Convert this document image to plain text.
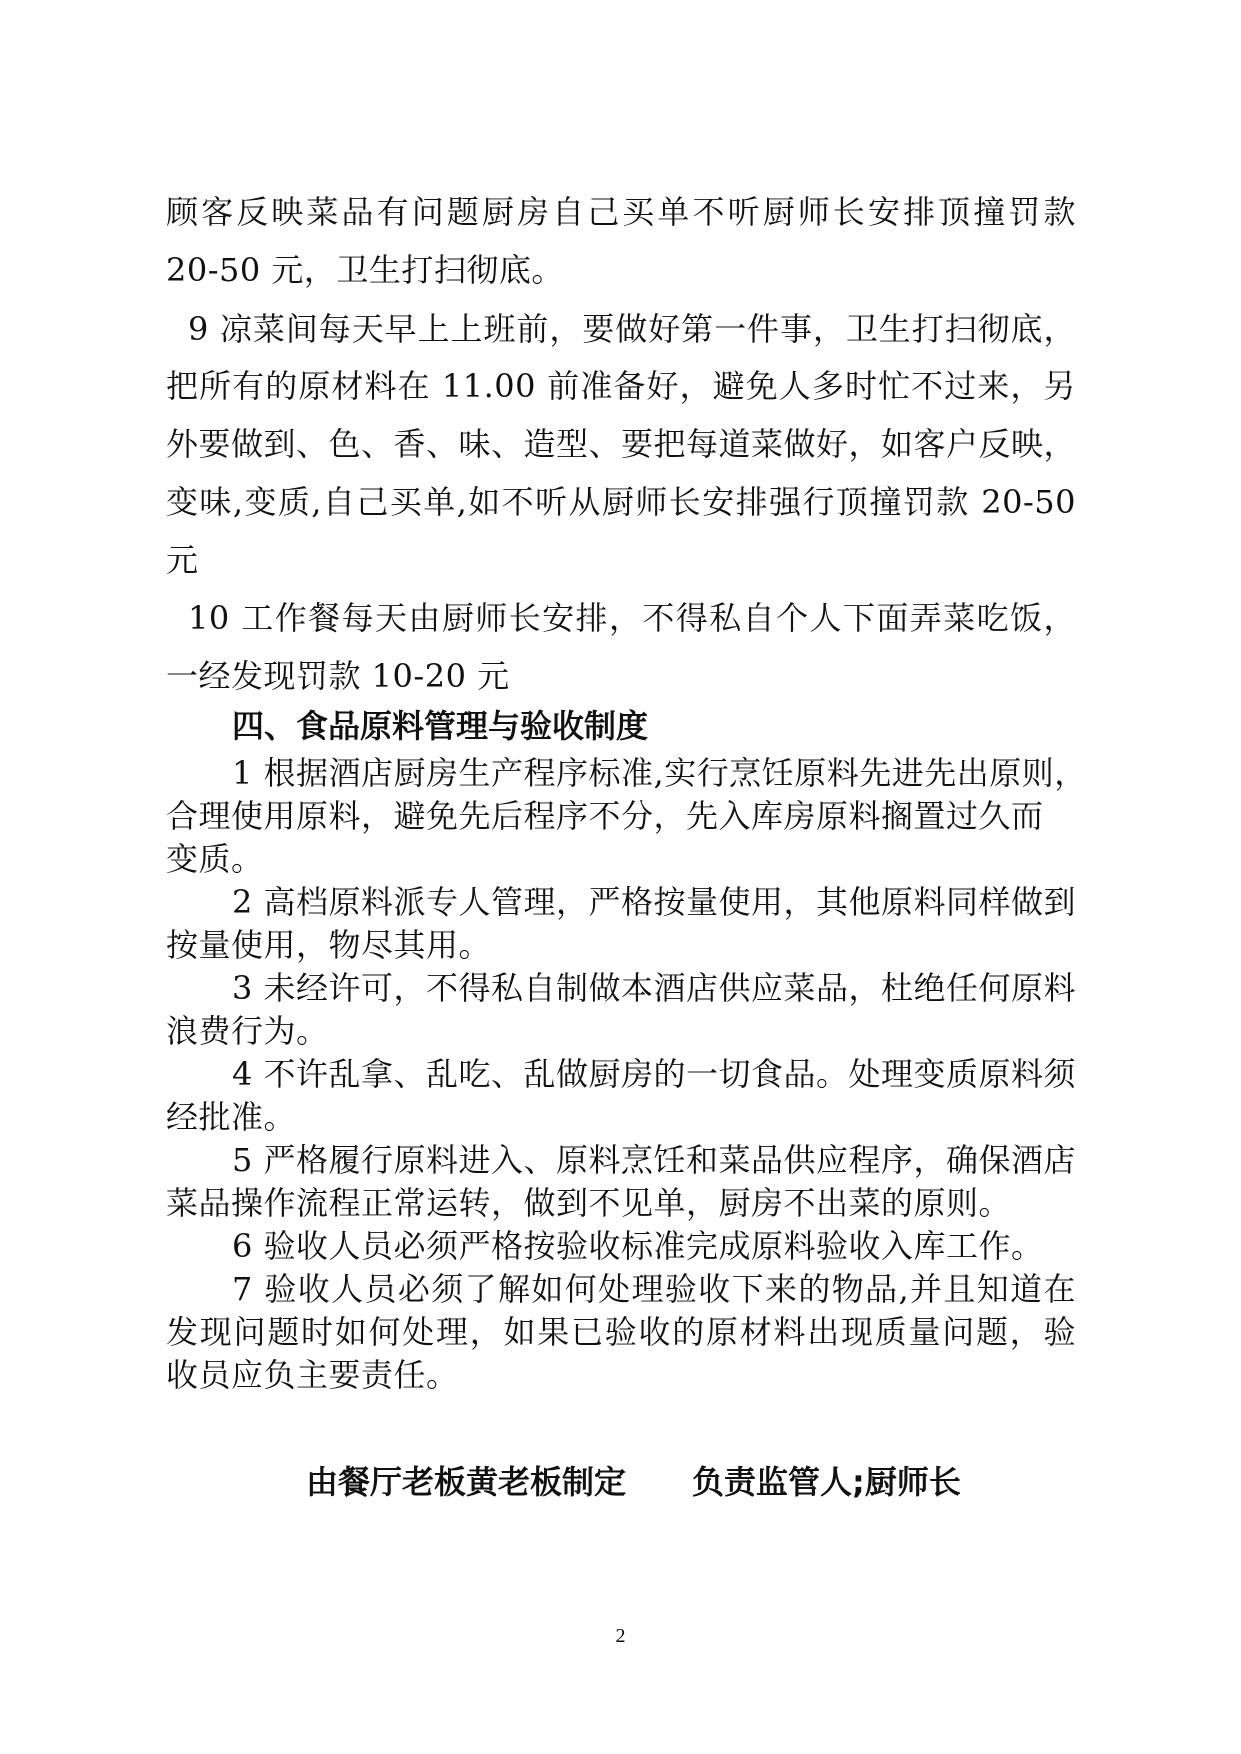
顾客反映菜品有问题厨房自己买单不听厨师长安排顶撞罚款
20-50 元，卫生打扫彻底。
9 凉菜间每天早上上班前，要做好第一件事，卫生打扫彻底，
把所有的原材料在 11.00 前准备好，避免人多时忙不过来，另
外要做到、色、香、味、造型、要把每道菜做好，如客户反映，
变味,变质,自己买单,如不听从厨师长安排强行顶撞罚款 20-50
元
10 工作餐每天由厨师长安排，不得私自个人下面弄菜吃饭，
一经发现罚款 10-20 元
四、食品原料管理与验收制度
1 根据酒店厨房生产程序标准,实行烹饪原料先进先出原则，
合理使用原料，避免先后程序不分，先入库房原料搁置过久而
变质。
2 高档原料派专人管理，严格按量使用，其他原料同样做到
按量使用，物尽其用。
3 未经许可，不得私自制做本酒店供应菜品，杜绝任何原料
浪费行为。
4 不许乱拿、乱吃、乱做厨房的一切食品。处理变质原料须
经批准。
5 严格履行原料进入、原料烹饪和菜品供应程序，确保酒店
菜品操作流程正常运转，做到不见单，厨房不出菜的原则。
6 验收人员必须严格按验收标准完成原料验收入库工作。
7 验收人员必须了解如何处理验收下来的物品,并且知道在
发现问题时如何处理，如果已验收的原材料出现质量问题，验
收员应负主要责任。
由餐厅老板黄老板制定 负责监管人;厨师长
2
